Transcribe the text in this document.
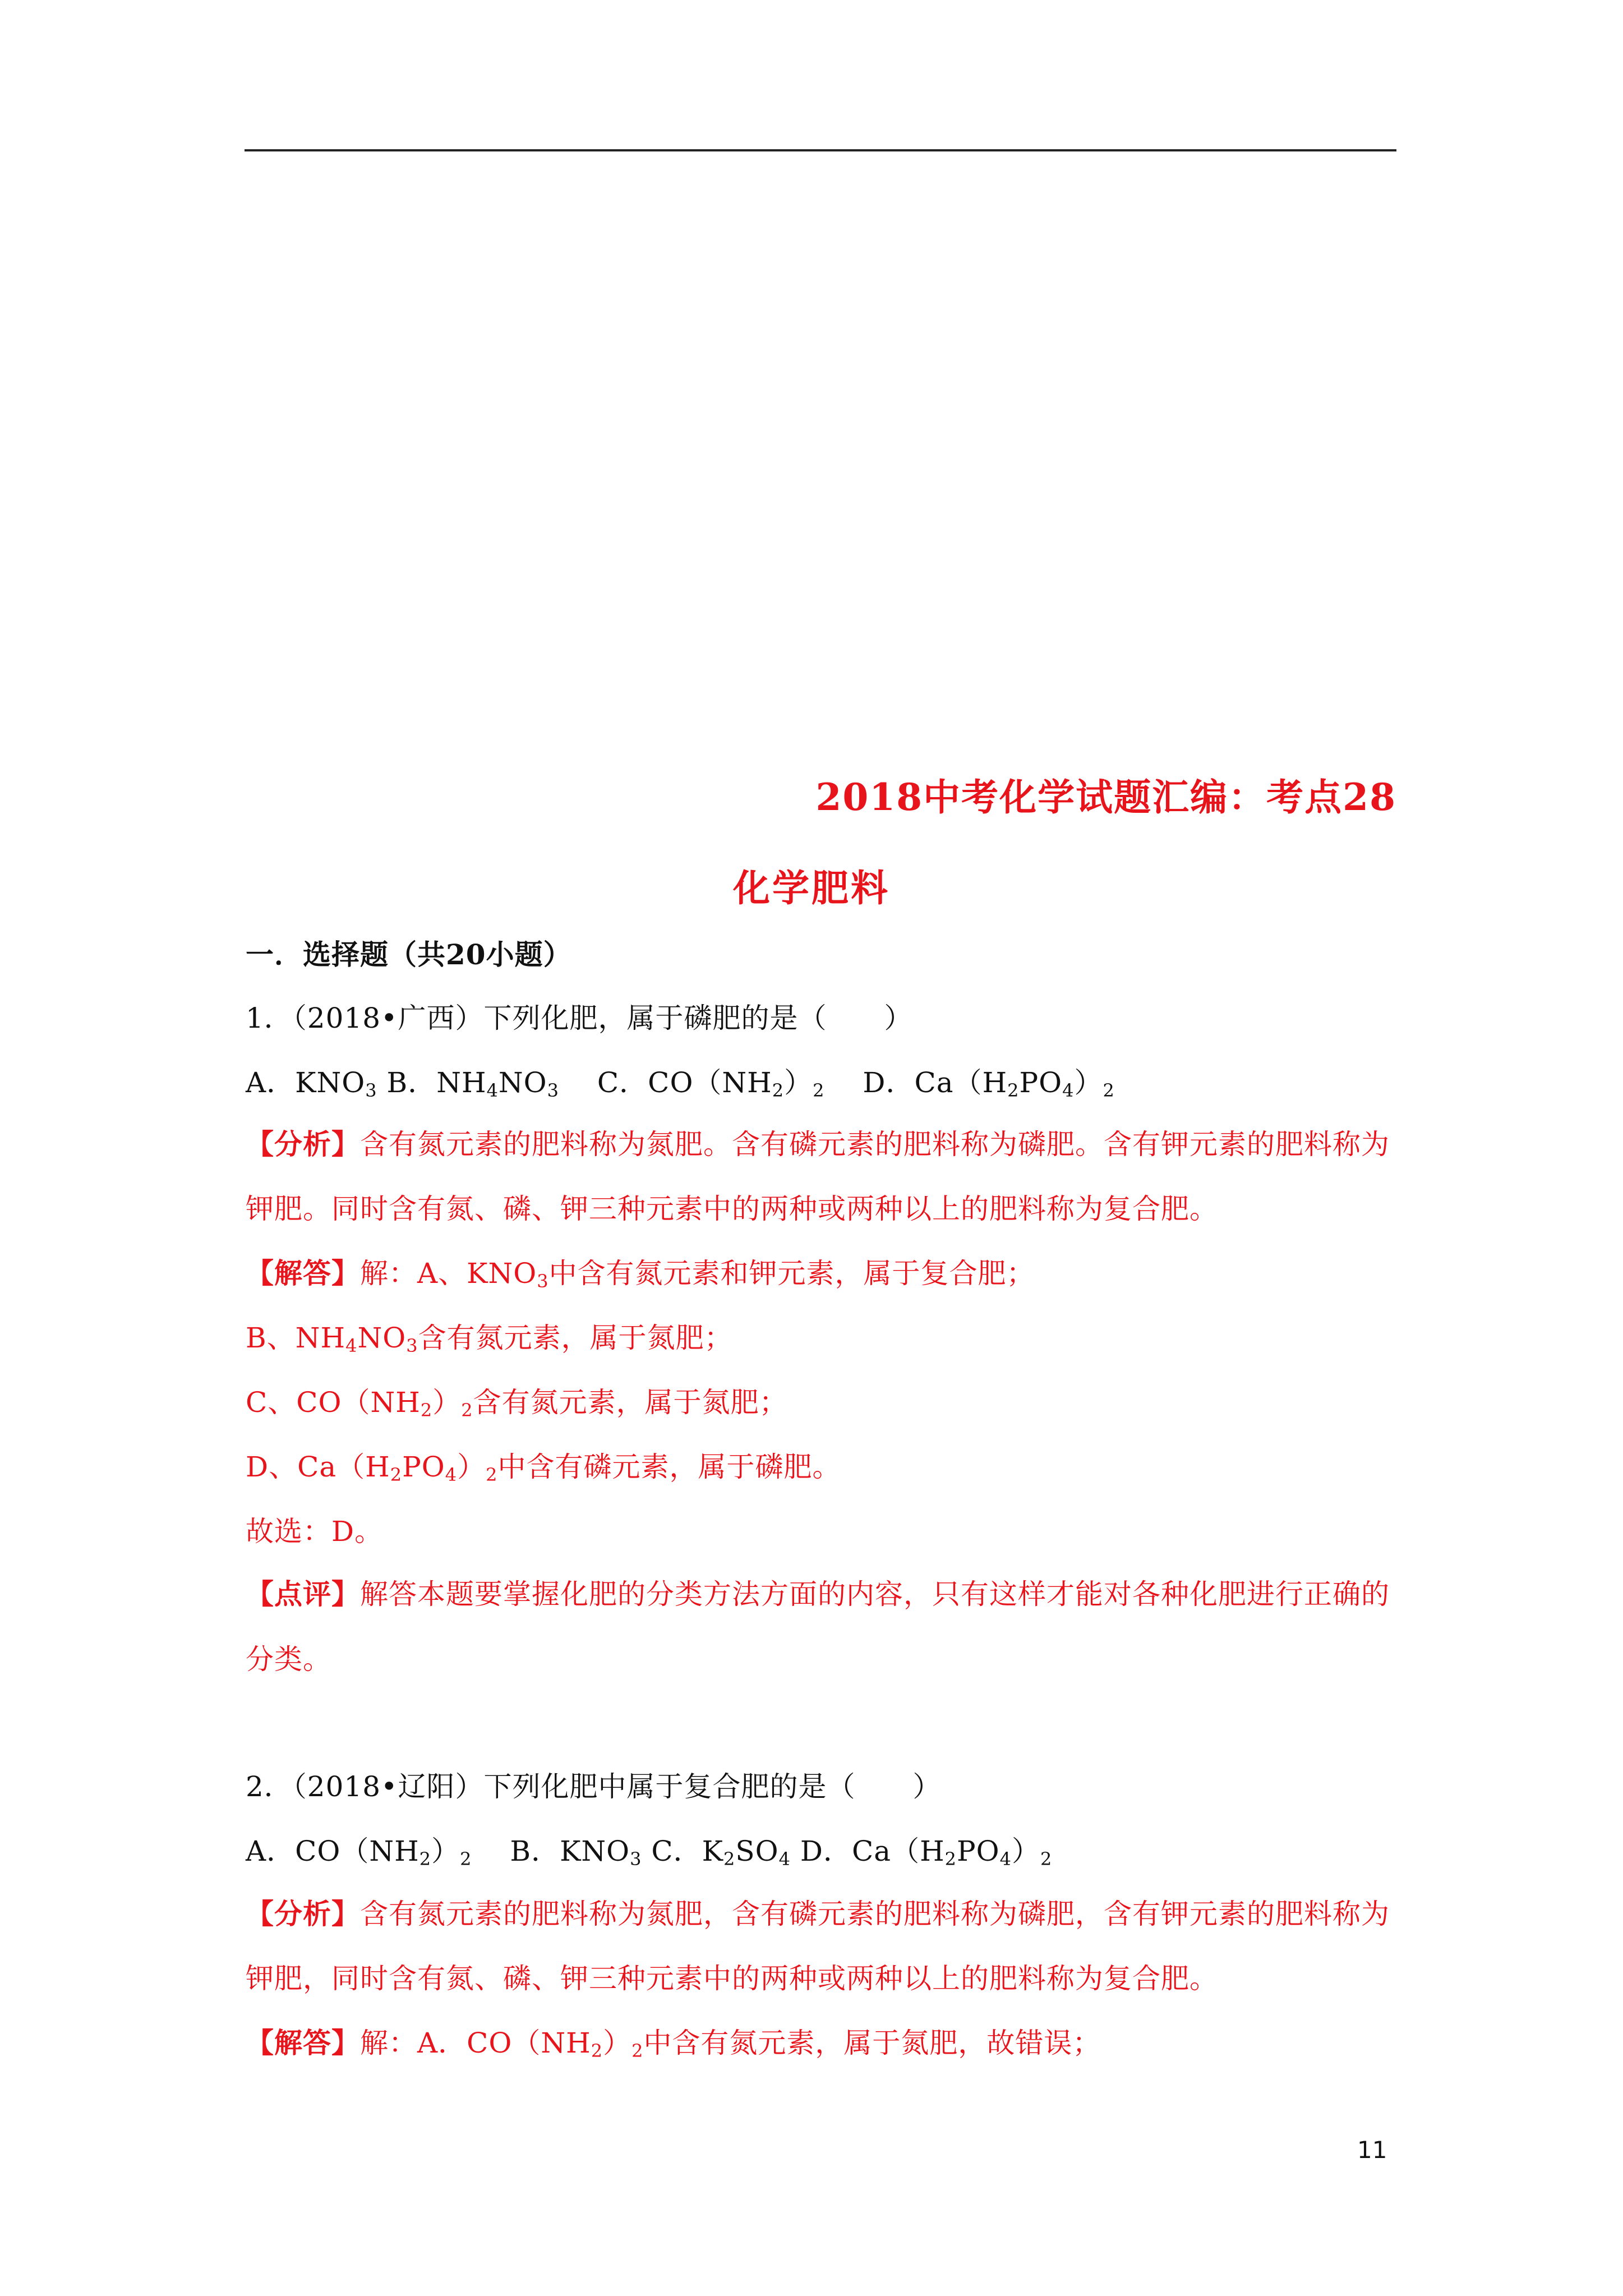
2018中考化学试题汇编：考点28
化学肥料
一．选择题（共20小题）
1．（2018•广西）下列化肥，属于磷肥的是（　　）
A．$KNO_3$ B．$NH_4NO_3$　 C．$CO(NH_2)_2$　 D．$Ca(H_2PO_4)_2$
【分析】含有氮元素的肥料称为氮肥。含有磷元素的肥料称为磷肥。含有钾元素的肥料称为
钾肥。同时含有氮、磷、钾三种元素中的两种或两种以上的肥料称为复合肥。
【解答】解：A、$KNO_3$中含有氮元素和钾元素，属于复合肥；
B、$NH_4NO_3$含有氮元素，属于氮肥；
C、$CO(NH_2)_2$含有氮元素，属于氮肥；
D、$Ca(H_2PO_4)_2$中含有磷元素，属于磷肥。
故选：D。
【点评】解答本题要掌握化肥的分类方法方面的内容，只有这样才能对各种化肥进行正确的
分类。
2．（2018•辽阳）下列化肥中属于复合肥的是（　　）
A．$CO(NH_2)_2$　 B．$KNO_3$ C．$K_2SO_4$ D．$Ca(H_2PO_4)_2$
【分析】含有氮元素的肥料称为氮肥，含有磷元素的肥料称为磷肥，含有钾元素的肥料称为
钾肥，同时含有氮、磷、钾三种元素中的两种或两种以上的肥料称为复合肥。
【解答】解：A．$CO(NH_2)_2$中含有氮元素，属于氮肥，故错误；
11
